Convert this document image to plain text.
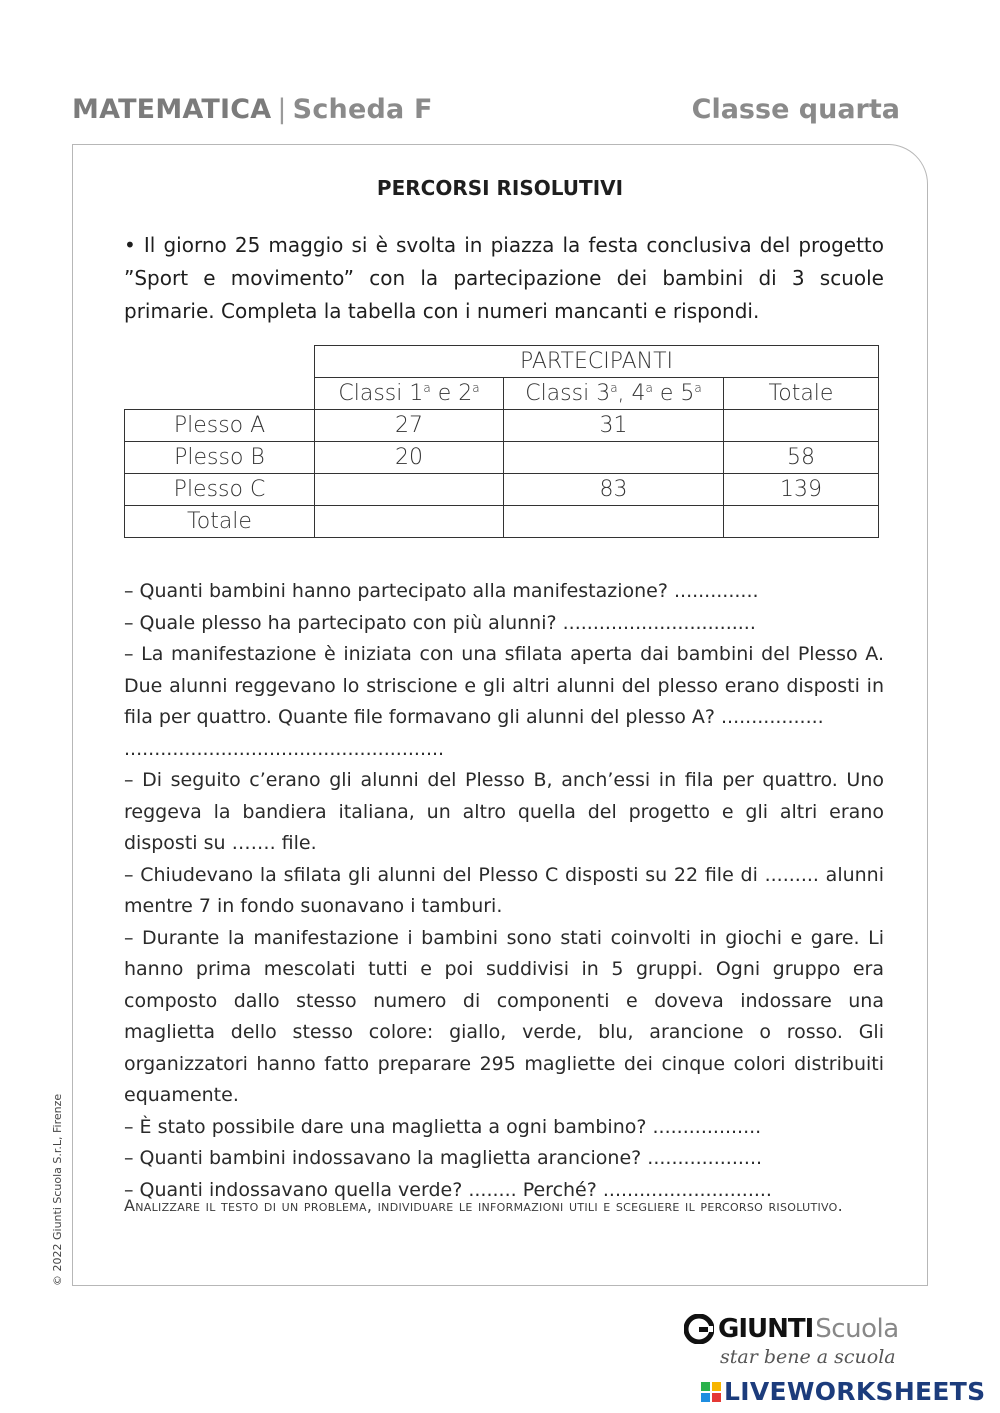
MATEMATICA | Scheda F	Classe quarta
PERCORSI RISOLUTIVI
• Il giorno 25 maggio si è svolta in piazza la festa conclusiva del progetto ”Sport e movimento” con la partecipazione dei bambini di 3 scuole primarie. Completa la tabella con i numeri mancanti e rispondi.
	PARTECIPANTI		
	Classi 1$^a$ e 2$^a$	Classi 3$^a$, 4$^a$ e 5$^a$	Totale
Plesso A	27	31	
Plesso B	20		58
Plesso C		83	139
Totale			

– Quanti bambini hanno partecipato alla manifestazione? ..............

– Quale plesso ha partecipato con più alunni? ................................

– La manifestazione è iniziata con una sfilata aperta dai bambini del Plesso A. Due alunni reggevano lo striscione e gli altri alunni del plesso erano disposti in fila per quattro. Quante file formavano gli alunni del plesso A? .................

.....................................................

– Di seguito c’erano gli alunni del Plesso B, anch’essi in fila per quattro. Uno reggeva la bandiera italiana, un altro quella del progetto e gli altri erano disposti su ……. file.

– Chiudevano la sfilata gli alunni del Plesso C disposti su 22 file di ......... alunni mentre 7 in fondo suonavano i tamburi.

– Durante la manifestazione i bambini sono stati coinvolti in giochi e gare. Li hanno prima mescolati tutti e poi suddivisi in 5 gruppi. Ogni gruppo era composto dallo stesso numero di componenti e doveva indossare una maglietta dello stesso colore: giallo, verde, blu, arancione o rosso. Gli organizzatori hanno fatto preparare 295 magliette dei cinque colori distribuiti equamente.

– È stato possibile dare una maglietta a ogni bambino? ..................

– Quanti bambini indossavano la maglietta arancione? ...................

– Quanti indossavano quella verde? ........ Perché? ............................

Analizzare il testo di un problema, individuare le informazioni utili e scegliere il percorso risolutivo.
© 2022 Giunti Scuola S.r.L, Firenze
GIUNTI Scuola
star bene a scuola
LIVEWORKSHEETS
